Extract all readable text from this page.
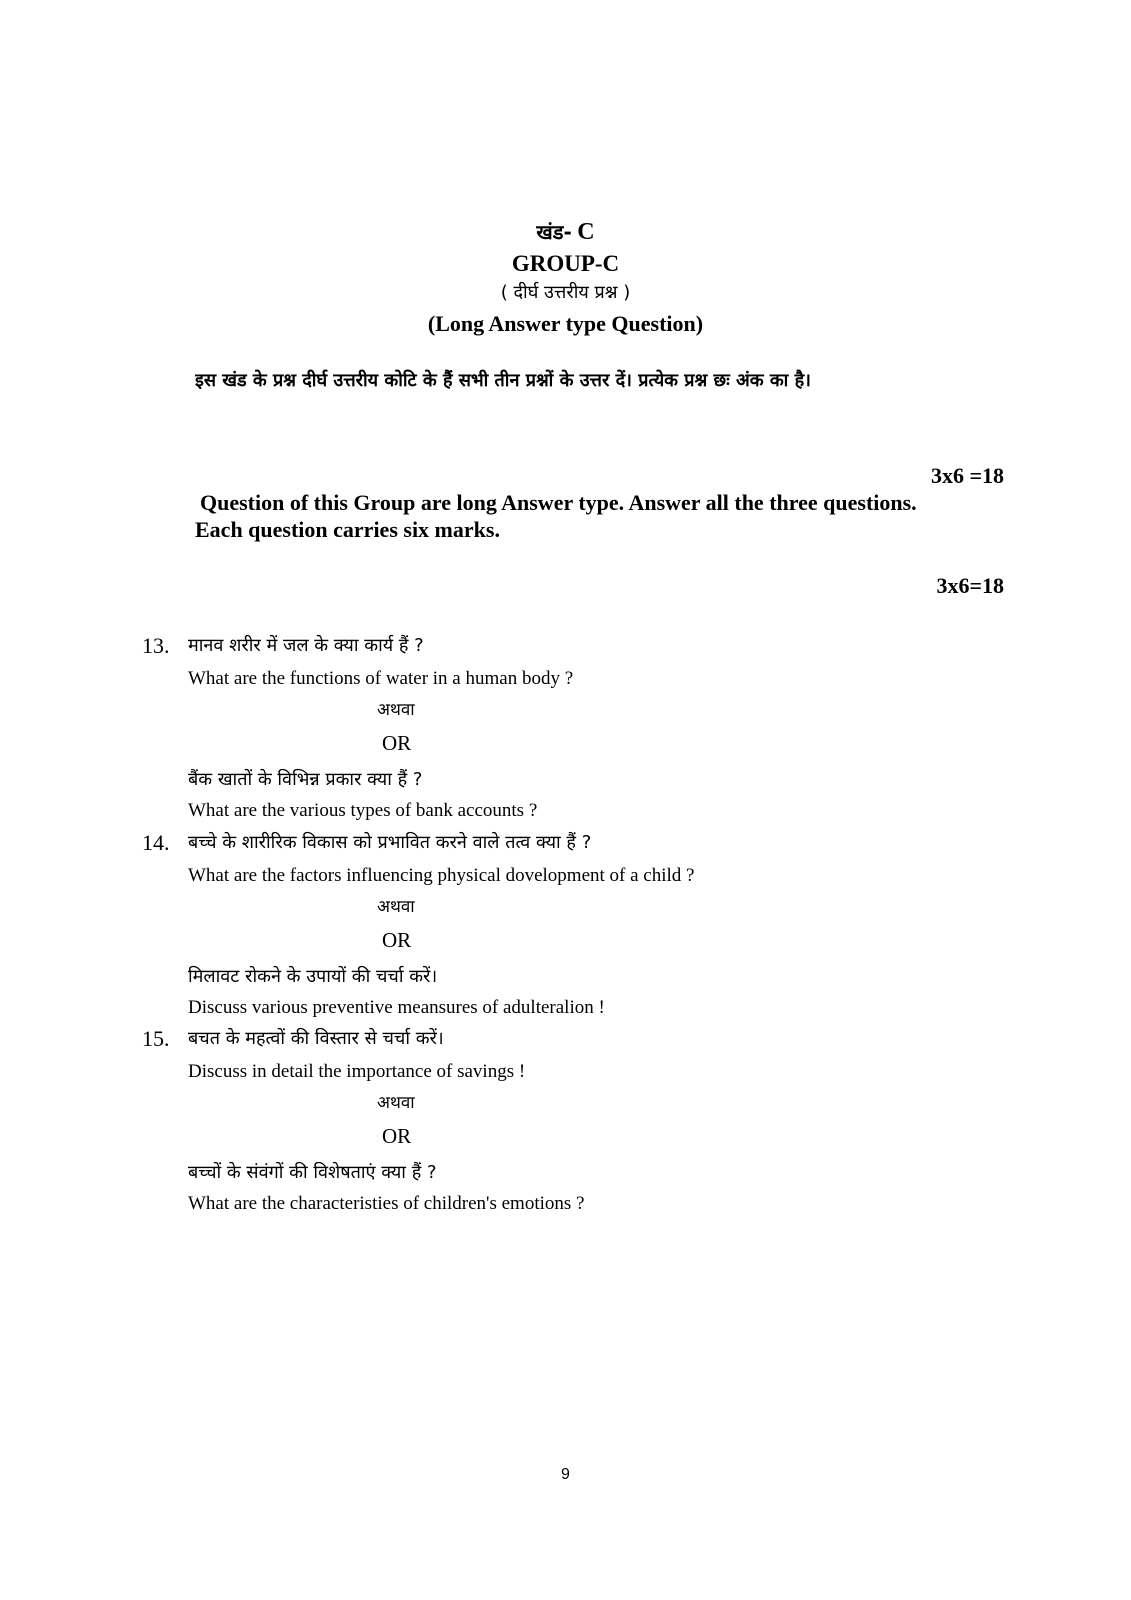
खंड- C
GROUP-C
( दीर्घ उत्तरीय प्रश्न )
(Long Answer type Question)
इस खंड के प्रश्न दीर्घ उत्तरीय कोटि के हैं सभी तीन प्रश्नों के उत्तर दें। प्रत्येक प्रश्न छः अंक का है।
3x6 =18
Question of this Group are long Answer type. Answer all the three questions.
Each question carries six marks.
3x6=18
13. मानव शरीर में जल के क्या कार्य हैं ?
What are the functions of water in a human body ?
अथवा
OR
बैंक खातों के विभिन्न प्रकार क्या हैं ?
What are the various types of bank accounts ?
14. बच्चे के शारीरिक विकास को प्रभावित करने वाले तत्व क्या हैं ?
What are the factors influencing physical dovelopment of a child ?
अथवा
OR
मिलावट रोकने के उपायों की चर्चा करें।
Discuss various preventive meansures of adulteralion !
15. बचत के महत्वों की विस्तार से चर्चा करें।
Discuss in detail the importance of savings !
अथवा
OR
बच्चों के संवंगों की विशेषताएं क्या हैं ?
What are the characteristies of children's emotions ?
9
